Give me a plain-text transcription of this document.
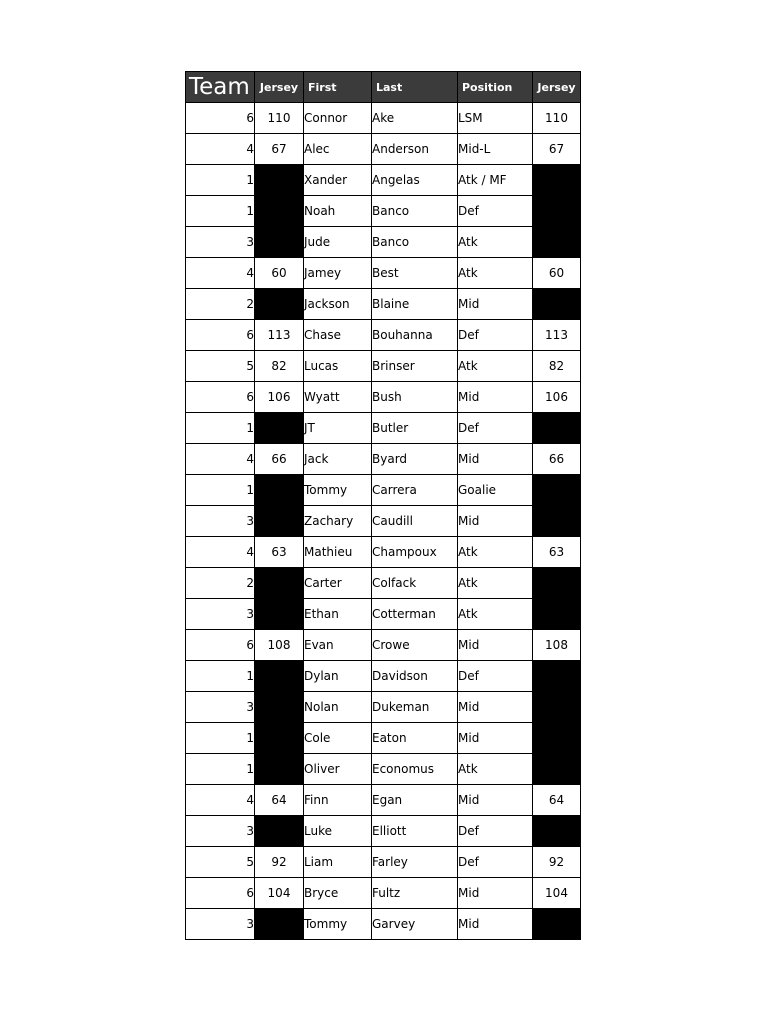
Team	Jersey	First	Last	Position	Jersey
6	110	Connor	Ake	LSM	110
4	67	Alec	Anderson	Mid-L	67
1	2	Xander	Angelas	Atk / MF	2
1	11	Noah	Banco	Def	11
3	23	Jude	Banco	Atk	23
4	60	Jamey	Best	Atk	60
2	26	Jackson	Blaine	Mid	26
6	113	Chase	Bouhanna	Def	113
5	82	Lucas	Brinser	Atk	82
6	106	Wyatt	Bush	Mid	106
1	14	JT	Butler	Def	14
4	66	Jack	Byard	Mid	66
1	17	Tommy	Carrera	Goalie	17
3	47	Zachary	Caudill	Mid	47
4	63	Mathieu	Champoux	Atk	63
2	21	Carter	Colfack	Atk	21
3	42	Ethan	Cotterman	Atk	42
6	108	Evan	Crowe	Mid	108
1	12	Dylan	Davidson	Def	12
3	44	Nolan	Dukeman	Mid	44
1	4	Cole	Eaton	Mid	4
1	1	Oliver	Economus	Atk	1
4	64	Finn	Egan	Mid	64
3	51	Luke	Elliott	Def	51
5	92	Liam	Farley	Def	92
6	104	Bryce	Fultz	Mid	104
3	45	Tommy	Garvey	Mid	45
